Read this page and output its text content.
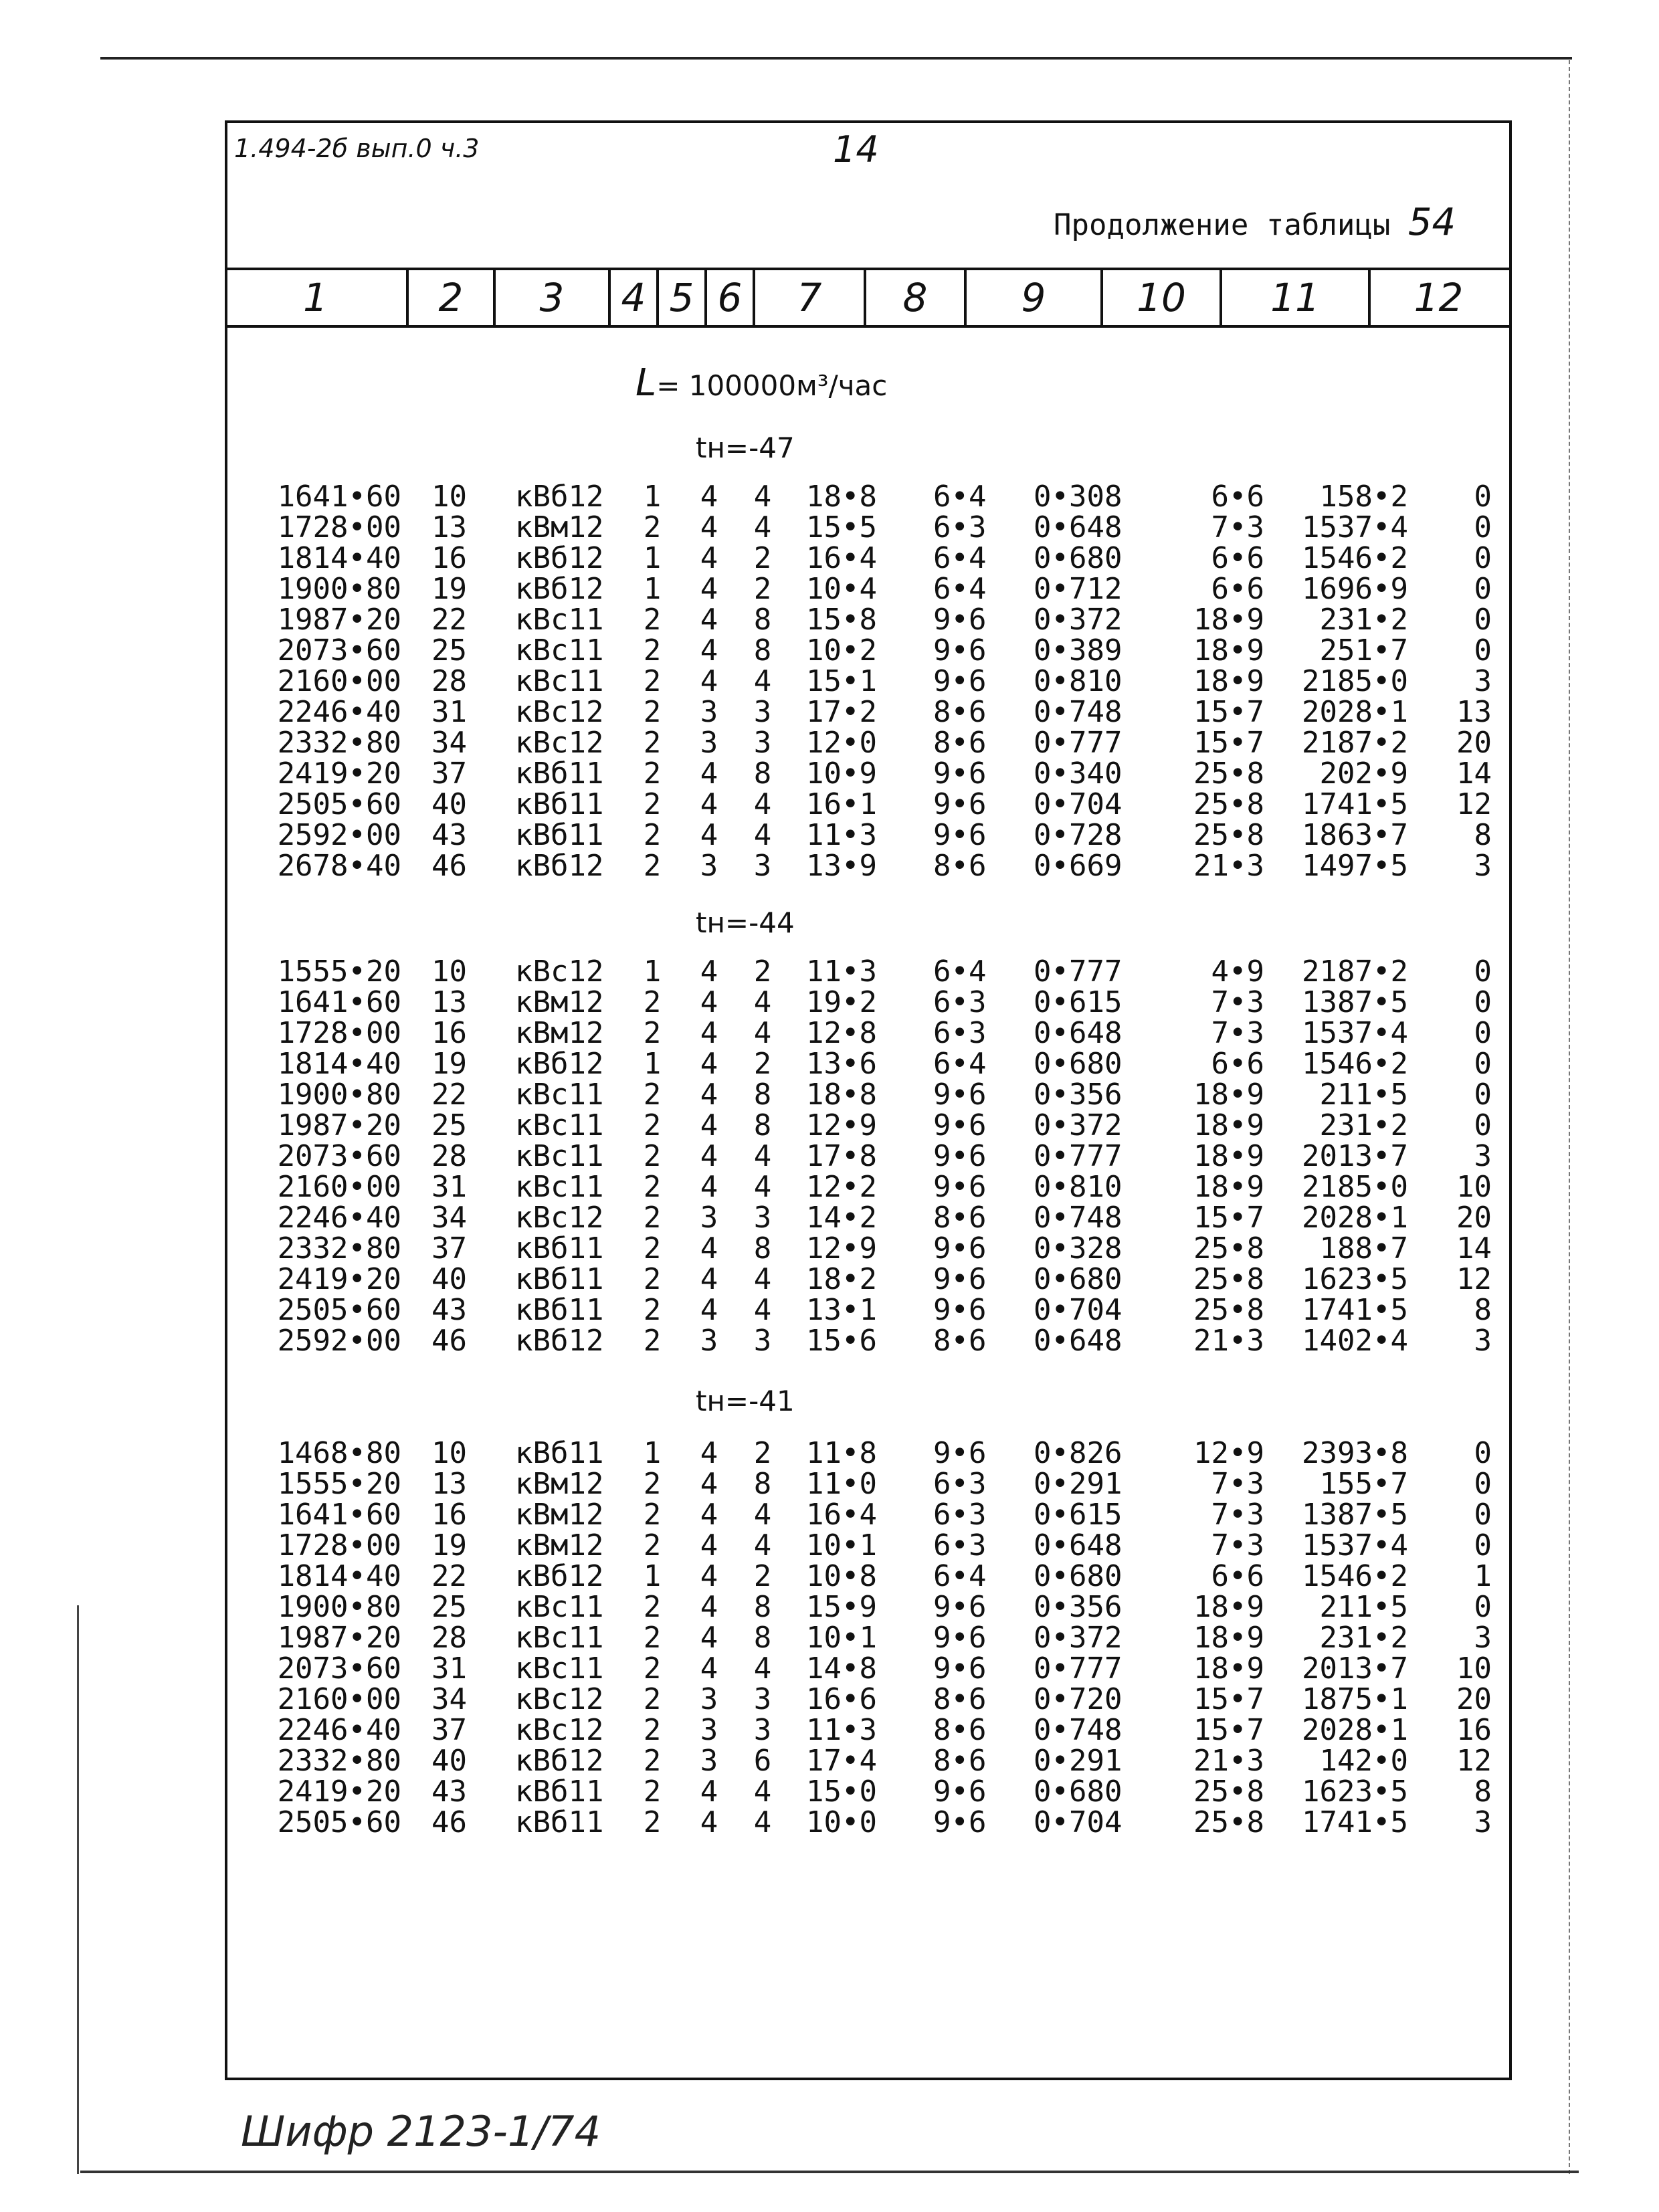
1.494-2б вып.0 ч.3	14
Продолжение таблицы 54
1	2	3	4 5 6	7	8	9	10	11	12
L= 100000м³/час
tн=-47
1641•60 10	кВб12	1 4 4 18•8	6•4	0•308	6•6	158•2	0
1728•00 13	кВм12	2 4 4 15•5	6•3	0•648	7•3	1537•4	0
1814•40 16	кВб12	1 4 2 16•4	6•4	0•680	6•6	1546•2	0
1900•80 19	кВб12	1 4 2 10•4	6•4	0•712	6•6	1696•9	0
1987•20 22	кВс11	2 4 8 15•8	9•6	0•372	18•9	231•2	0
2073•60 25	кВс11	2 4 8 10•2	9•6	0•389	18•9	251•7	0
2160•00 28	кВс11	2 4 4 15•1	9•6	0•810	18•9	2185•0	3
2246•40 31	кВс12	2 3 3 17•2	8•6	0•748	15•7	2028•1	13
2332•80 34	кВс12	2 3 3 12•0	8•6	0•777	15•7	2187•2	20
2419•20 37	кВб11	2 4 8 10•9	9•6	0•340	25•8	202•9	14
2505•60 40	кВб11	2 4 4 16•1	9•6	0•704	25•8	1741•5	12
2592•00 43	кВб11	2 4 4 11•3	9•6	0•728	25•8	1863•7	8
2678•40 46	кВб12	2 3 3 13•9	8•6	0•669	21•3	1497•5	3
tн=-44
1555•20 10	кВс12	1 4 2 11•3	6•4	0•777	4•9	2187•2	0
1641•60 13	кВм12	2 4 4 19•2	6•3	0•615	7•3	1387•5	0
1728•00 16	кВм12	2 4 4 12•8	6•3	0•648	7•3	1537•4	0
1814•40 19	кВб12	1 4 2 13•6	6•4	0•680	6•6	1546•2	0
1900•80 22	кВс11	2 4 8 18•8	9•6	0•356	18•9	211•5	0
1987•20 25	кВс11	2 4 8 12•9	9•6	0•372	18•9	231•2	0
2073•60 28	кВс11	2 4 4 17•8	9•6	0•777	18•9	2013•7	3
2160•00 31	кВс11	2 4 4 12•2	9•6	0•810	18•9	2185•0	10
2246•40 34	кВс12	2 3 3 14•2	8•6	0•748	15•7	2028•1	20
2332•80 37	кВб11	2 4 8 12•9	9•6	0•328	25•8	188•7	14
2419•20 40	кВб11	2 4 4 18•2	9•6	0•680	25•8	1623•5	12
2505•60 43	кВб11	2 4 4 13•1	9•6	0•704	25•8	1741•5	8
2592•00 46	кВб12	2 3 3 15•6	8•6	0•648	21•3	1402•4	3
tн=-41
1468•80 10	кВб11	1 4 2 11•8	9•6	0•826	12•9	2393•8	0
1555•20 13	кВм12	2 4 8 11•0	6•3	0•291	7•3	155•7	0
1641•60 16	кВм12	2 4 4 16•4	6•3	0•615	7•3	1387•5	0
1728•00 19	кВм12	2 4 4 10•1	6•3	0•648	7•3	1537•4	0
1814•40 22	кВб12	1 4 2 10•8	6•4	0•680	6•6	1546•2	1
1900•80 25	кВс11	2 4 8 15•9	9•6	0•356	18•9	211•5	0
1987•20 28	кВс11	2 4 8 10•1	9•6	0•372	18•9	231•2	3
2073•60 31	кВс11	2 4 4 14•8	9•6	0•777	18•9	2013•7	10
2160•00 34	кВс12	2 3 3 16•6	8•6	0•720	15•7	1875•1	20
2246•40 37	кВс12	2 3 3 11•3	8•6	0•748	15•7	2028•1	16
2332•80 40	кВб12	2 3 6 17•4	8•6	0•291	21•3	142•0	12
2419•20 43	кВб11	2 4 4 15•0	9•6	0•680	25•8	1623•5	8
2505•60 46	кВб11	2 4 4 10•0	9•6	0•704	25•8	1741•5	3
Шифр 2123-1/74
